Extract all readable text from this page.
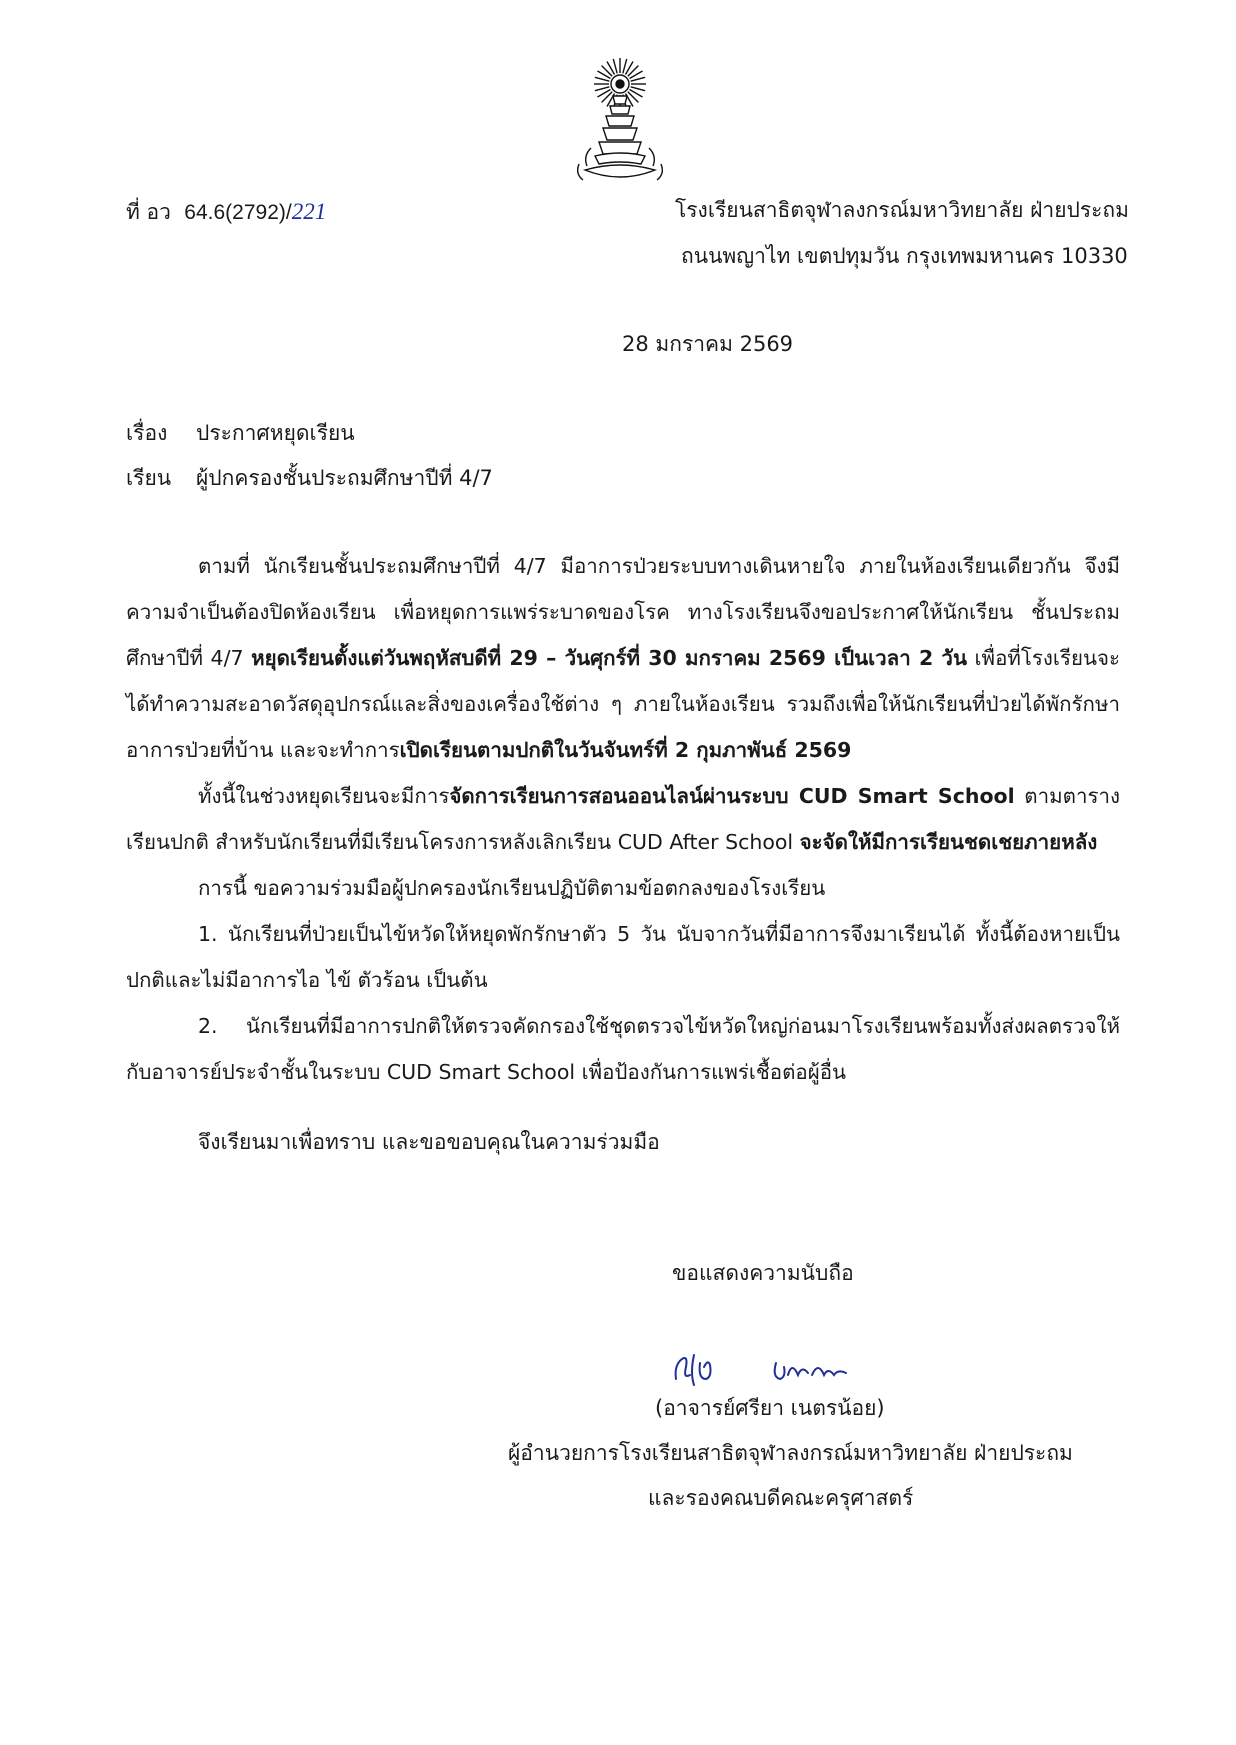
ที่ อว 64.6(2792)/221	โรงเรียนสาธิตจุฬาลงกรณ์มหาวิทยาลัย ฝ่ายประถม
ถนนพญาไท เขตปทุมวัน กรุงเทพมหานคร 10330
28 มกราคม 2569
เรื่อง ประกาศหยุดเรียน
เรียน ผู้ปกครองชั้นประถมศึกษาปีที่ 4/7

ตามที่ นักเรียนชั้นประถมศึกษาปีที่ 4/7 มีอาการป่วยระบบทางเดินหายใจ ภายในห้องเรียนเดียวกัน จึงมีความจำเป็นต้องปิดห้องเรียน เพื่อหยุดการแพร่ระบาดของโรค ทางโรงเรียนจึงขอประกาศให้นักเรียน ชั้นประถมศึกษาปีที่ 4/7 หยุดเรียนตั้งแต่วันพฤหัสบดีที่ 29 – วันศุกร์ที่ 30 มกราคม 2569 เป็นเวลา 2 วัน เพื่อที่โรงเรียนจะได้ทำความสะอาดวัสดุอุปกรณ์และสิ่งของเครื่องใช้ต่าง ๆ ภายในห้องเรียน รวมถึงเพื่อให้นักเรียนที่ป่วยได้พักรักษาอาการป่วยที่บ้าน และจะทำการเปิดเรียนตามปกติในวันจันทร์ที่ 2 กุมภาพันธ์ 2569

ทั้งนี้ในช่วงหยุดเรียนจะมีการจัดการเรียนการสอนออนไลน์ผ่านระบบ CUD Smart School ตามตารางเรียนปกติ สำหรับนักเรียนที่มีเรียนโครงการหลังเลิกเรียน CUD After School จะจัดให้มีการเรียนชดเชยภายหลัง

การนี้ ขอความร่วมมือผู้ปกครองนักเรียนปฏิบัติตามข้อตกลงของโรงเรียน

1. นักเรียนที่ป่วยเป็นไข้หวัดให้หยุดพักรักษาตัว 5 วัน นับจากวันที่มีอาการจึงมาเรียนได้ ทั้งนี้ต้องหายเป็นปกติและไม่มีอาการไอ ไข้ ตัวร้อน เป็นต้น

2. นักเรียนที่มีอาการปกติให้ตรวจคัดกรองใช้ชุดตรวจไข้หวัดใหญ่ก่อนมาโรงเรียนพร้อมทั้งส่งผลตรวจให้กับอาจารย์ประจำชั้นในระบบ CUD Smart School เพื่อป้องกันการแพร่เชื้อต่อผู้อื่น

จึงเรียนมาเพื่อทราบ และขอขอบคุณในความร่วมมือ
ขอแสดงความนับถือ
(อาจารย์ศรียา เนตรน้อย)
ผู้อำนวยการโรงเรียนสาธิตจุฬาลงกรณ์มหาวิทยาลัย ฝ่ายประถม
และรองคณบดีคณะครุศาสตร์
